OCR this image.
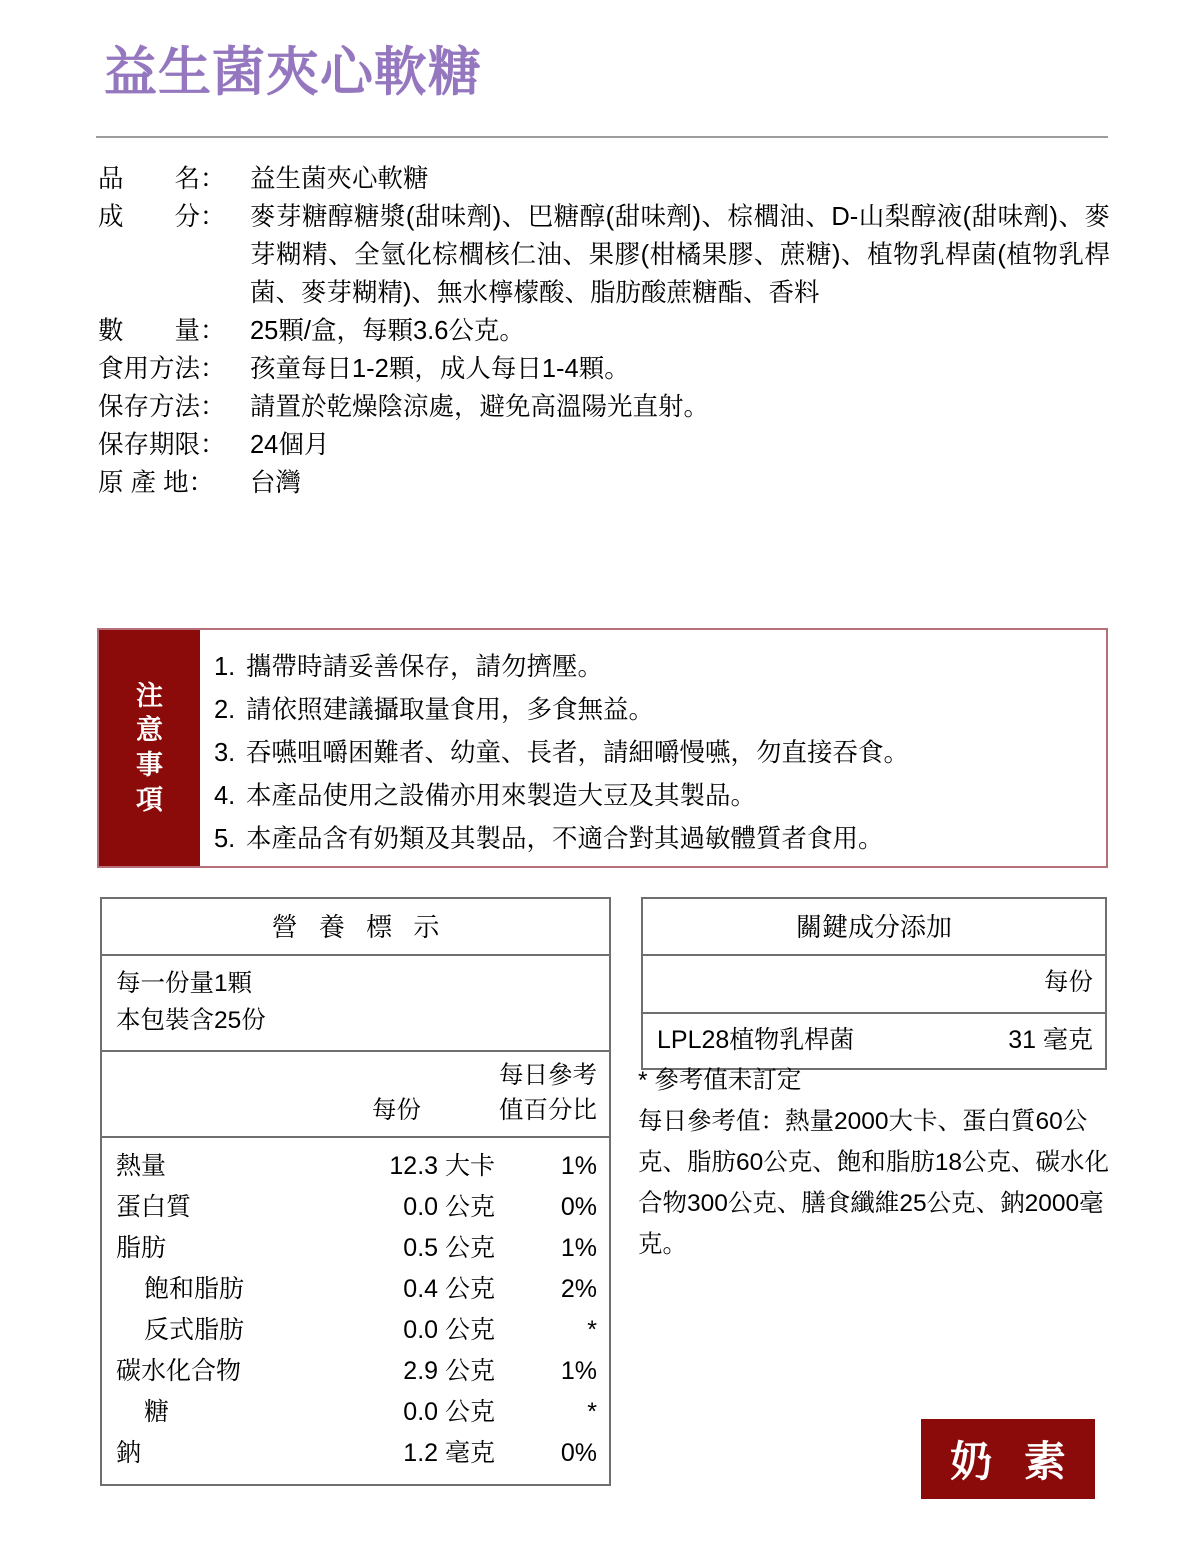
益生菌夾心軟糖
品　　名： 益生菌夾心軟糖
成　　分： 麥芽糖醇糖漿(甜味劑)、巴糖醇(甜味劑)、棕櫚油、D-山梨醇液(甜味劑)、麥芽糊精、全氫化棕櫚核仁油、果膠(柑橘果膠、蔗糖)、植物乳桿菌(植物乳桿菌、麥芽糊精)、無水檸檬酸、脂肪酸蔗糖酯、香料
數　　量： 25顆/盒，每顆3.6公克。
食用方法： 孩童每日1-2顆，成人每日1-4顆。
保存方法： 請置於乾燥陰涼處，避免高溫陽光直射。
保存期限： 24個月
原 產 地：	台灣
注
意
事
項
1. 攜帶時請妥善保存，請勿擠壓。
2. 請依照建議攝取量食用，多食無益。
3. 吞嚥咀嚼困難者、幼童、長者，請細嚼慢嚥，勿直接吞食。
4. 本產品使用之設備亦用來製造大豆及其製品。
5. 本產品含有奶類及其製品，不適合對其過敏體質者食用。
營 養 標 示
每一份量1顆
本包裝含25份

每日參考
每份	值百分比
熱量	12.3 大卡	1%
蛋白質	0.0 公克	0%
脂肪	0.5 公克	1%
飽和脂肪	0.4 公克	2%
反式脂肪	0.0 公克	*
碳水化合物	2.9 公克	1%
糖	0.0 公克	*
鈉	1.2 毫克	0%
關鍵成分添加
每份
LPL28植物乳桿菌	31 毫克
* 參考值未訂定
每日參考值：熱量2000大卡、蛋白質60公克、脂肪60公克、飽和脂肪18公克、碳水化合物300公克、膳食纖維25公克、鈉2000毫克。
奶 素
